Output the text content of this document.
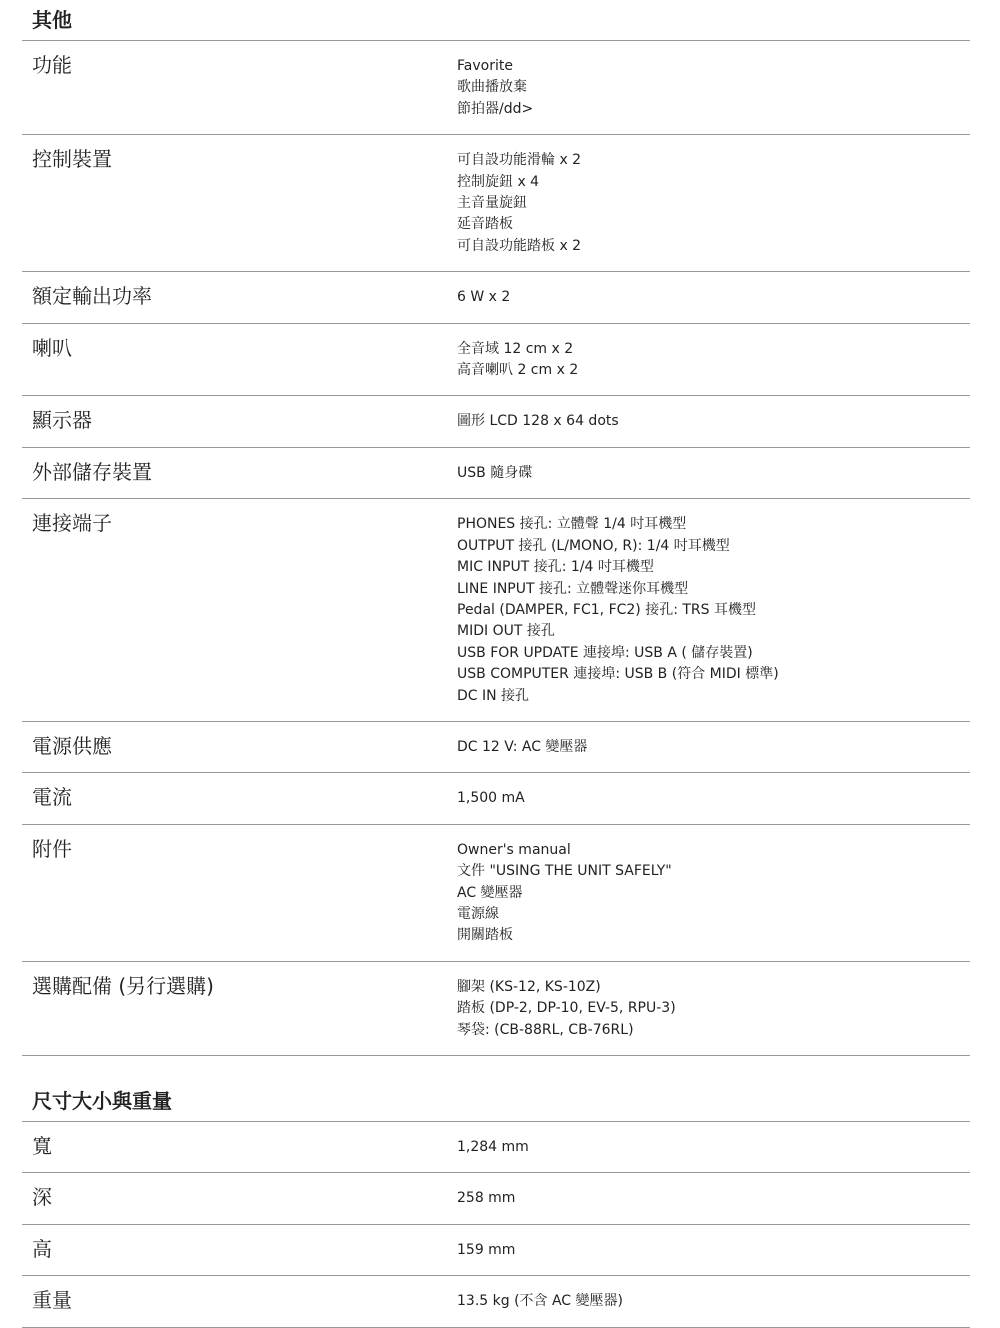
其他
功能	Favorite
歌曲播放棄
節拍器/dd>
控制裝置	可自設功能滑輪 x 2
控制旋鈕 x 4
主音量旋鈕
延音踏板
可自設功能踏板 x 2
額定輸出功率	6 W x 2
喇叭	全音域 12 cm x 2
高音喇叭 2 cm x 2
顯示器	圖形 LCD 128 x 64 dots
外部儲存裝置	USB 隨身碟
連接端子	PHONES 接孔: 立體聲 1/4 吋耳機型
OUTPUT 接孔 (L/MONO, R): 1/4 吋耳機型
MIC INPUT 接孔: 1/4 吋耳機型
LINE INPUT 接孔: 立體聲迷你耳機型
Pedal (DAMPER, FC1, FC2) 接孔: TRS 耳機型
MIDI OUT 接孔
USB FOR UPDATE 連接埠: USB A ( 儲存裝置)
USB COMPUTER 連接埠: USB B (符合 MIDI 標準)
DC IN 接孔
電源供應	DC 12 V: AC 變壓器
電流	1,500 mA
附件	Owner's manual
文件 "USING THE UNIT SAFELY"
AC 變壓器
電源線
開關踏板
選購配備 (另行選購)	腳架 (KS-12, KS-10Z)
踏板 (DP-2, DP-10, EV-5, RPU-3)
琴袋: (CB-88RL, CB-76RL)
尺寸大小與重量
寬	1,284 mm
深	258 mm
高	159 mm
重量	13.5 kg (不含 AC 變壓器)
